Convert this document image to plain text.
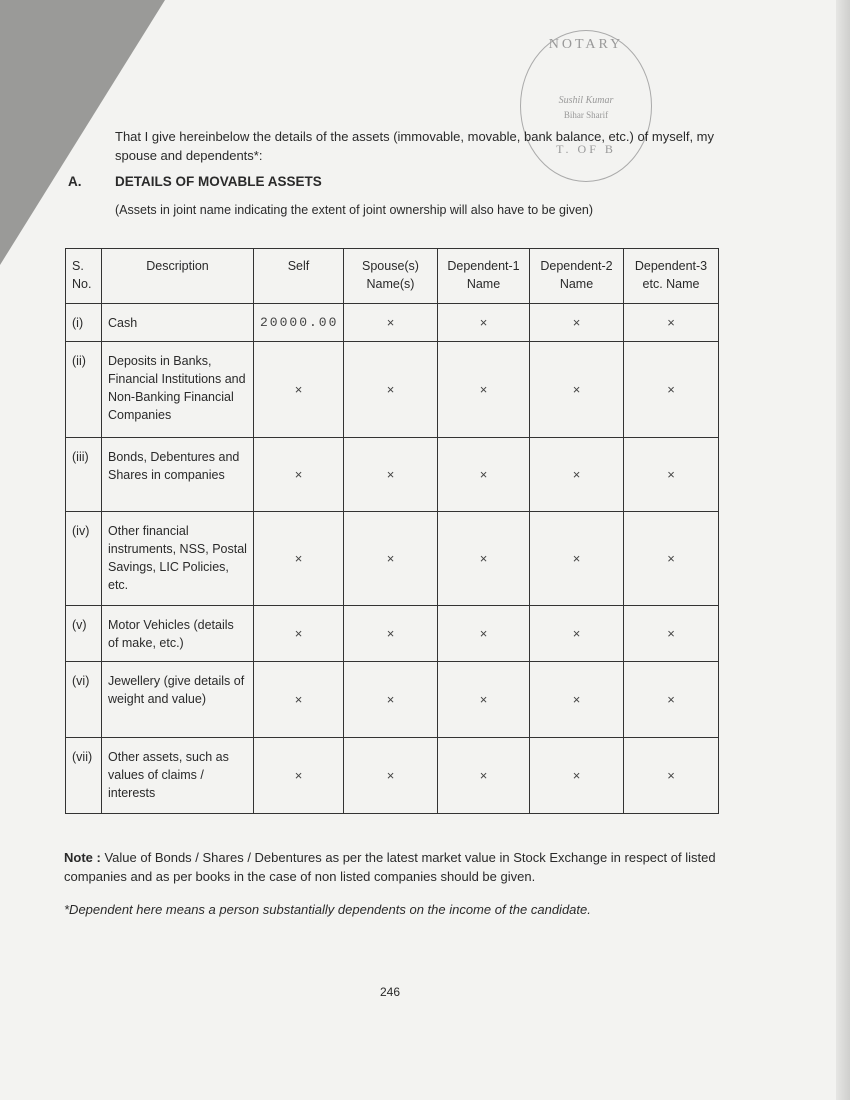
NOTARY
Sushil Kumar
Bihar Sharif
T. OF B
That I give hereinbelow the details of the assets (immovable, movable, bank balance, etc.) of myself, my spouse and dependents*:
A. DETAILS OF MOVABLE ASSETS
(Assets in joint name indicating the extent of joint ownership will also have to be given)
S. No.	Description	Self	Spouse(s) Name(s)	Dependent-1 Name	Dependent-2 Name	Dependent-3 etc. Name
(i)	Cash	20000.00	×	×	×	×
(ii)	Deposits in Banks, Financial Institutions and Non-Banking Financial Companies	×	×	×	×	×
(iii)	Bonds, Debentures and Shares in companies	×	×	×	×	×
(iv)	Other financial instruments, NSS, Postal Savings, LIC Policies, etc.	×	×	×	×	×
(v)	Motor Vehicles (details of make, etc.)	×	×	×	×	×
(vi)	Jewellery (give details of weight and value)	×	×	×	×	×
(vii)	Other assets, such as values of claims / interests	×	×	×	×	×
Note : Value of Bonds / Shares / Debentures as per the latest market value in Stock Exchange in respect of listed companies and as per books in the case of non listed companies should be given.
*Dependent here means a person substantially dependents on the income of the candidate.
246
